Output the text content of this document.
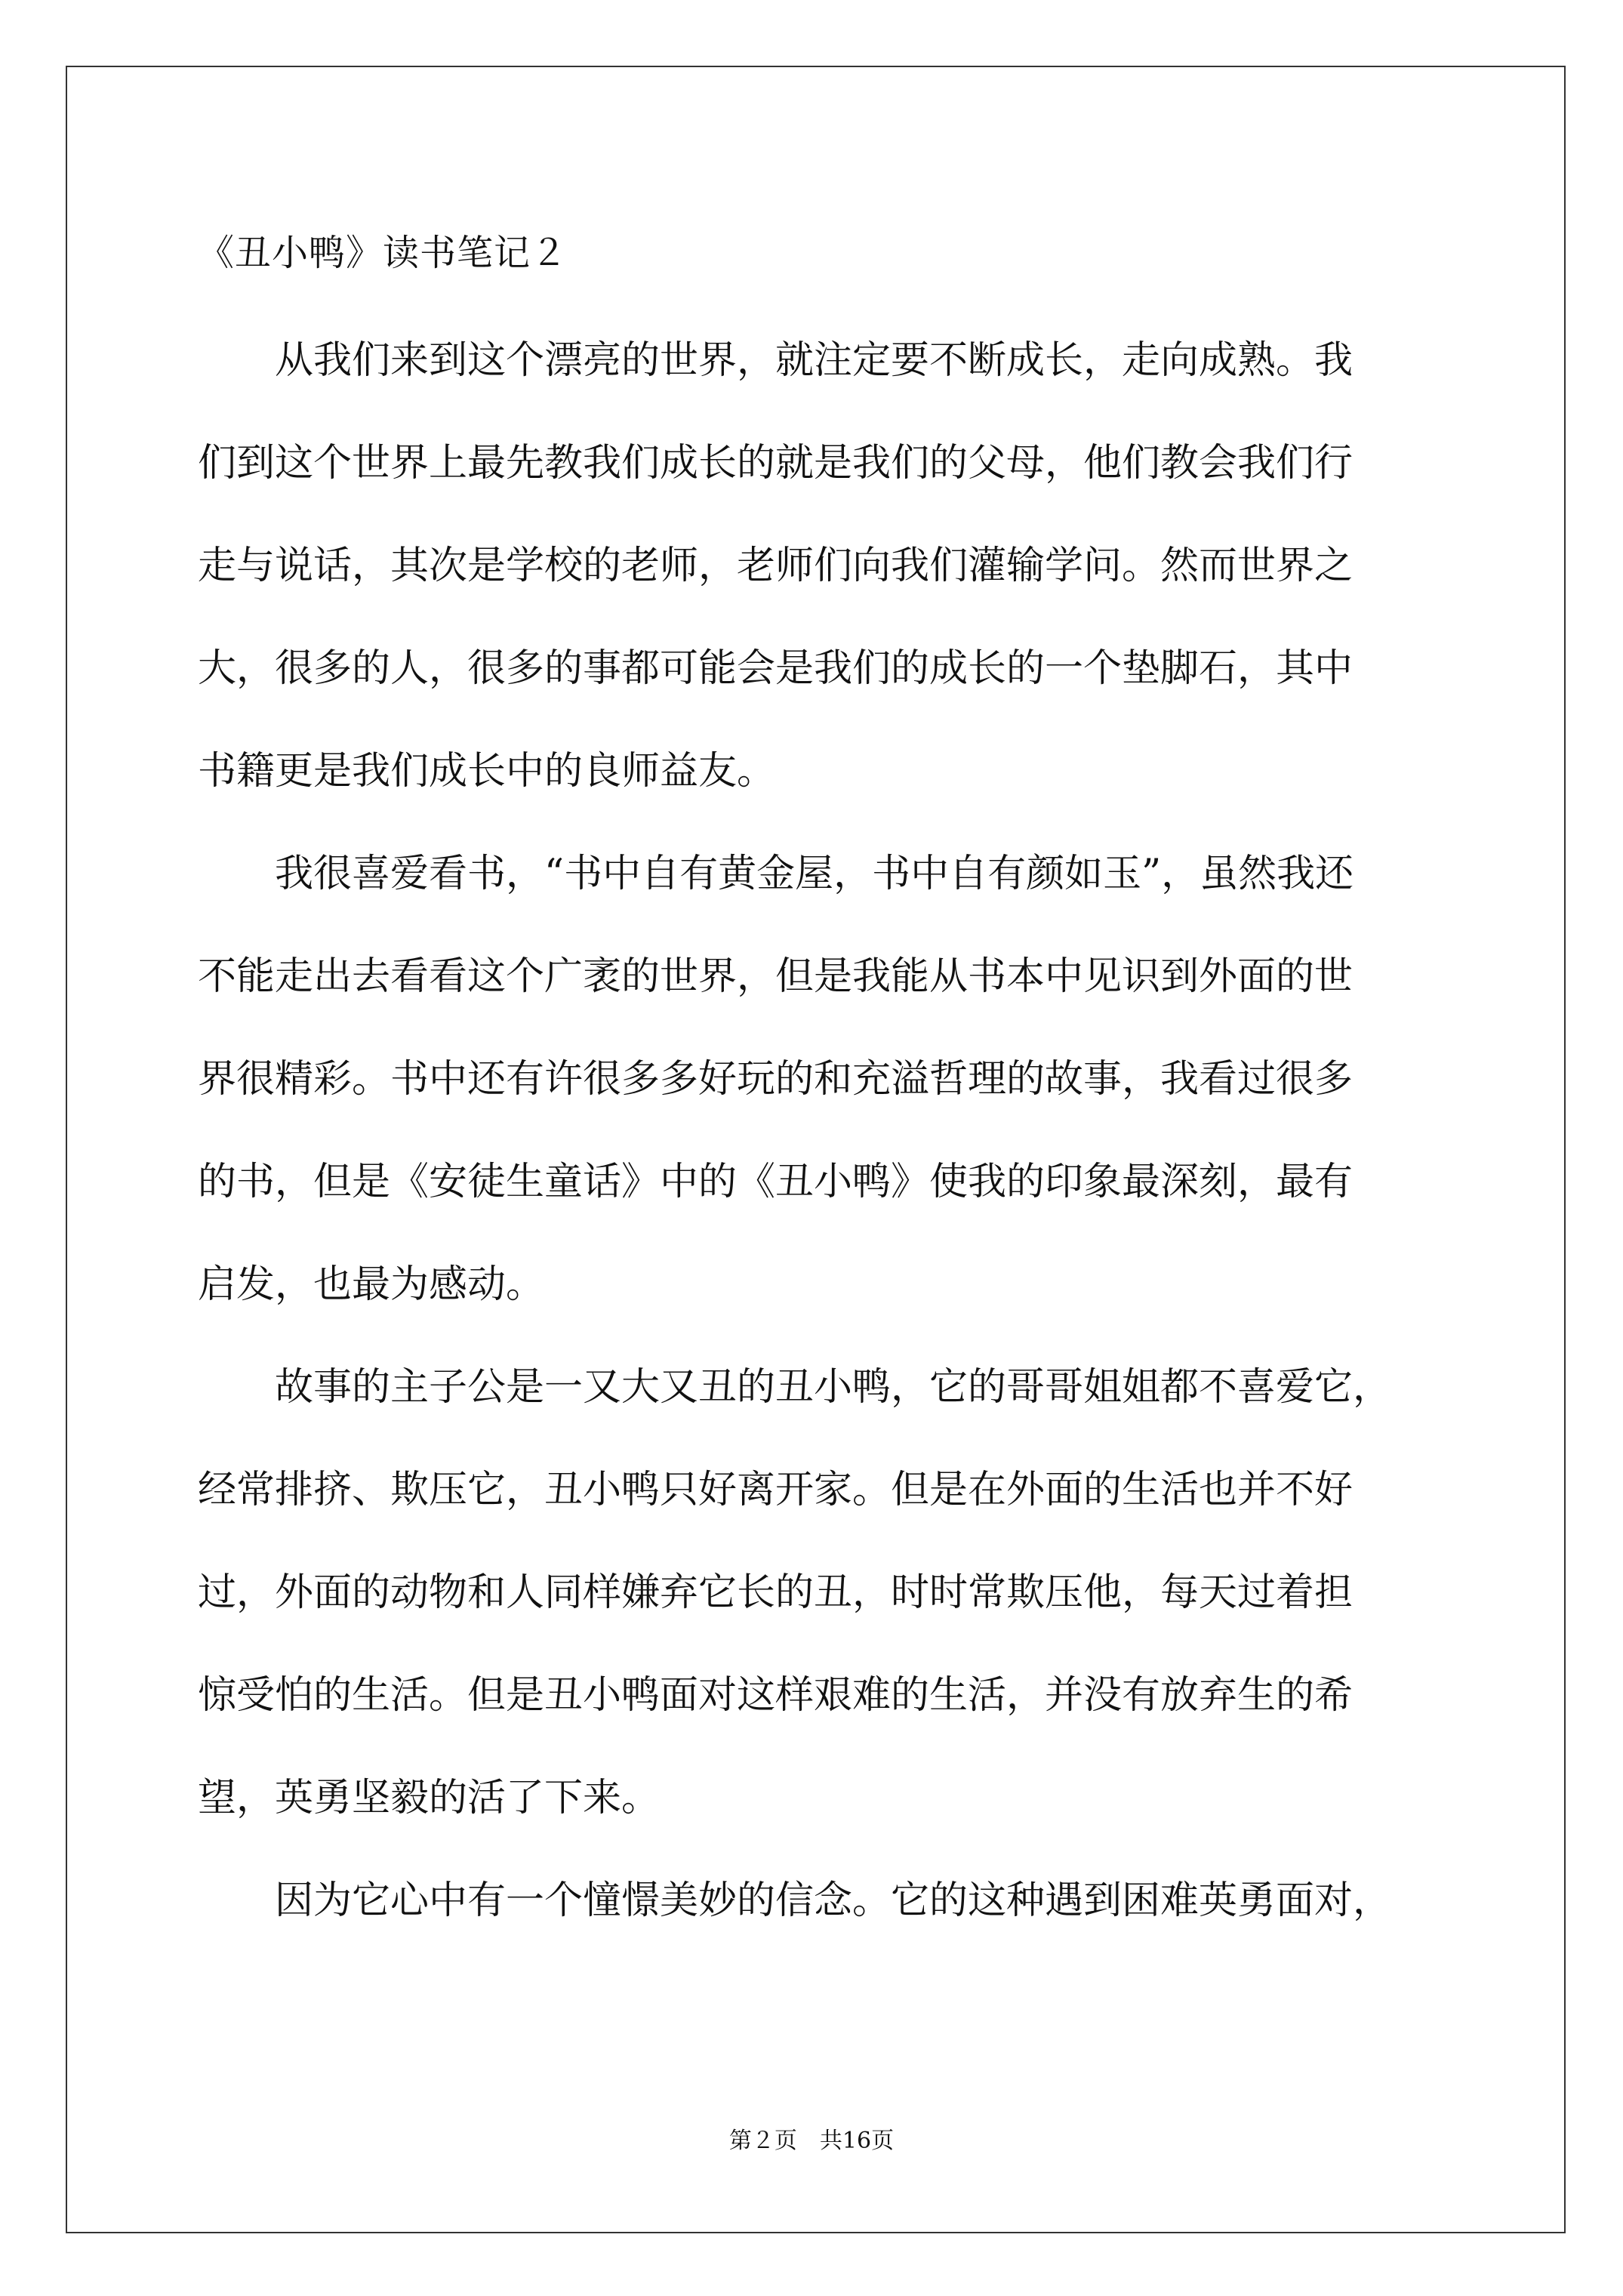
《丑小鸭》读书笔记２
　　从我们来到这个漂亮的世界，就注定要不断成长，走向成熟。我
们到这个世界上最先教我们成长的就是我们的父母，他们教会我们行
走与说话，其次是学校的老师，老师们向我们灌输学问。然而世界之
大，很多的人，很多的事都可能会是我们的成长的一个垫脚石，其中
书籍更是我们成长中的良师益友。
　　我很喜爱看书，“书中自有黄金屋，书中自有颜如玉”，虽然我还
不能走出去看看这个广袤的世界，但是我能从书本中见识到外面的世
界很精彩。书中还有许很多多好玩的和充溢哲理的故事，我看过很多
的书，但是《安徒生童话》中的《丑小鸭》使我的印象最深刻，最有
启发，也最为感动。
　　故事的主子公是一又大又丑的丑小鸭，它的哥哥姐姐都不喜爱它，
经常排挤、欺压它，丑小鸭只好离开家。但是在外面的生活也并不好
过，外面的动物和人同样嫌弃它长的丑，时时常欺压他，每天过着担
惊受怕的生活。但是丑小鸭面对这样艰难的生活，并没有放弃生的希
望，英勇坚毅的活了下来。
　　因为它心中有一个憧憬美妙的信念。它的这种遇到困难英勇面对，
第２页 共16页
